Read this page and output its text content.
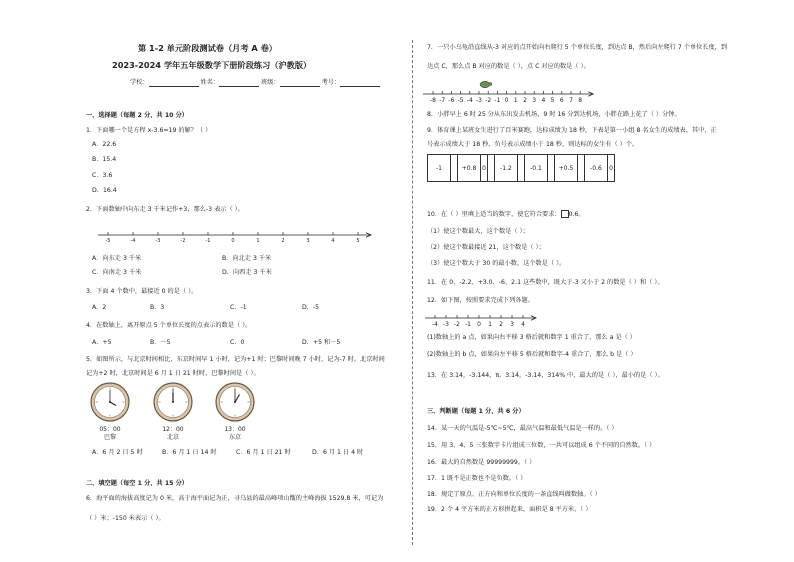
第 1-2 单元阶段测试卷（月考 A 卷）
2023-2024 学年五年级数学下册阶段练习（沪教版）
学校：	姓名：	班级：	考号：
一、选择题（每题 2 分，共 10 分）
1．下面哪一个是方程 x-3.6=19 的解？（ ）
A．22.6
B．15.4
C．3.6
D．16.4
2．下面数轴中向东走 3 千米记作+3，那么-3 表示（ ）。
-5	-4	-3	-2	-1	0	1	2	3	4	5
A．向东走 3 千米	B．向北走 3 千米
C．向南走 3 千米	D．向西走 3 千米
3．下面 4 个数中，最接近 0 的是（ ）。
A．2	B．3	C．-1	D．-5
4．在数轴上，离开原点 5 个单位长度的点表示的数是（ ）。
A．+5	B．－5	C．0	D．+5 和－5
5．如图所示，与北京时间相比，东京时间早 1 小时，记为+1 时；巴黎时间晚 7 小时，记为-7 时。北京时间
记为+2 时，北京时间是 6 月 1 日 21 时时，巴黎时间是（ ）。
05：00	12：00	13：00
巴黎	北京	东京
A．6 月 2 日 5 时	B．6 月 1 日 14 时	C．6 月 1 日 21 时	D．6 月 1 日 4 时
二、填空题（每空 1 分，共 15 分）
6．海平面的海拔高度记为 0 米，高于海平面记为正，寻乌县的最高峰项山甑的主峰海拔 1529.8 米，可记为
（ ）米；-150 米表示（ ）。
7．一只小乌龟沿直线从-3 对应的点开始向右爬行 5 个单位长度，到达点 B，然后向左爬行 7 个单位长度，到
达点 C，那么点 B 对应的数是（ ），点 C 对应的数是（ ）。
-8 -7 -6 -5 -4 -3 -2 -1 0 1 2 3 4 5 6 7 8
8．小胖早上 6 时 25 分从东出发去机场，9 时 16 分到达机场，小胖在路上花了（ ）分钟。
9．体育课上某班女生进行了百米赛跑，达标成绩为 18 秒，下表是第一小组 8 名女生的成绩表。其中，正
号表示成绩大于 18 秒，负号表示成绩小于 18 秒，则达标的女生有（ ）个。
-1		+0.8	0		-1.2		-0.1		+0.5		-0.6	0
10．在（ ）里填上适当的数字，使它符合要求： 0.6。
（1）使这个数最大，这个数是（ ）；
（2）使这个数最接近 21，这个数是（ ）；
（3）使这个数大于 30 的最小数，这个数是（ ）。
11．在 0、-2.2、+3.0、-6、2.1 这些数中，既大于-3 又小于 2 的数是（ ）和（ ）。
12．如下图，按照要求完成下列各题。
-4 -3 -2 -1 0 1 2 3 4
(1)数轴上的 a 点，如果向右平移 3 格后就和数字 1 重合了，那么 a 是（ ）
(2)数轴上的 b 点，如果向左平移 5 格后就和数字-4 重合了，那么 b 是（ ）
13．在 3.14，-3.144，π，3.14̇，-3.14，314% 中，最大的是（ ），最小的是（ ）。
三、判断题（每题 1 分，共 6 分）
14．某一天的气温是-5℃~5℃，最高气温和最低气温是一样的。（ ）
15．用 3、4、5 三张数字卡片组成三位数，一共可以组成 6 个不同的自然数。（ ）
16．最大的自然数是 99999999。（ ）
17．1 既不是正数也不是负数。（ ）
18．规定了原点、正方向和单位长度的一条直线叫做数轴。（ ）
19．2 个 4 平方米的正方形拼起来，面积是 8 平方米。（ ）
